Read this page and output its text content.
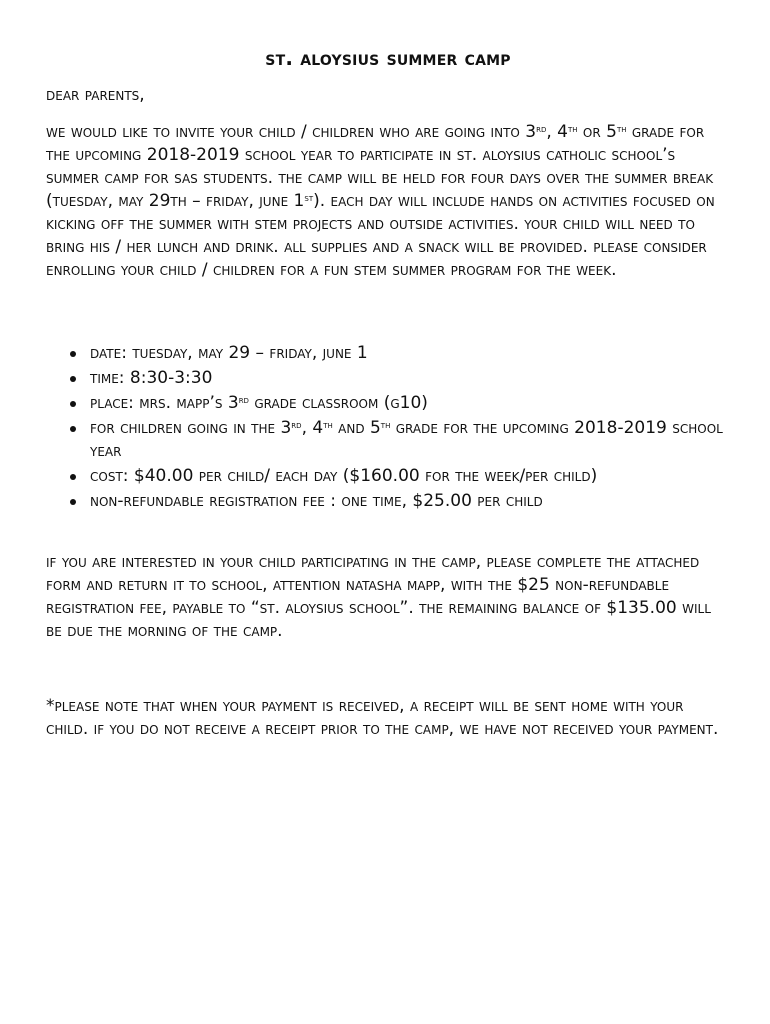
st. aloysius summer camp

dear parents,

we would like to invite your child / children who are going into 3rd, 4th or 5th grade for the upcoming 2018-2019 school year to participate in st. aloysius catholic school’s summer camp for sas students. the camp will be held for four days over the summer break (tuesday, may 29th – friday, june 1st). each day will include hands on activities focused on kicking off the summer with stem projects and outside activities. your child will need to bring his / her lunch and drink. all supplies and a snack will be provided. please consider enrolling your child / children for a fun stem summer program for the week.

date: tuesday, may 29 – friday, june 1
time: 8:30-3:30
place: mrs. mapp’s 3rd grade classroom (g10)
for children going in the 3rd, 4th and 5th grade for the upcoming 2018-2019 school year
cost: $40.00 per child/ each day ($160.00 for the week/per child)
non-refundable registration fee : one time, $25.00 per child

if you are interested in your child participating in the camp, please complete the attached form and return it to school, attention natasha mapp, with the $25 non-refundable registration fee, payable to “st. aloysius school”. the remaining balance of $135.00 will be due the morning of the camp.

*please note that when your payment is received, a receipt will be sent home with your child. if you do not receive a receipt prior to the camp, we have not received your payment.
